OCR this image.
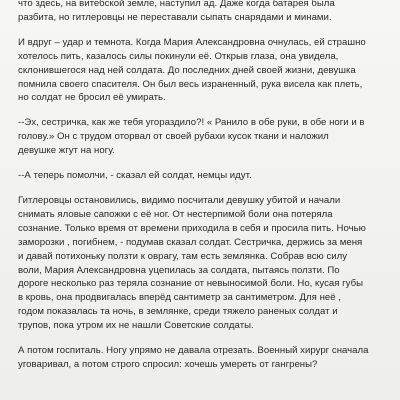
что здесь, на витебской земле, наступил ад. Даже когда батарея была
разбита, но гитлеровцы не переставали сыпать снарядами и минами.

И вдруг – удар и темнота. Когда Мария Александровна очнулась, ей страшно
хотелось пить, казалось силы покинули её. Открыв глаза, она увидела,
склонившегося над ней солдата. До последних дней своей жизни, девушка
помнила своего спасителя. Он был весь израненный, рука висела как плеть,
но солдат не бросил её умирать.

--Эх, сестричка, как же тебя угораздило?! « Ранило в обе руки, в обе ноги и в
голову.» Он с трудом оторвал от своей рубахи кусок ткани и наложил
девушке жгут на ногу.

--А теперь помолчи, - сказал ей солдат, немцы идут.

Гитлеровцы остановились, видимо посчитали девушку убитой и начали
снимать яловые сапожки с её ног. От нестерпимой боли она потеряла
сознание. Только время от времени приходила в себя и просила пить. Ночью
заморозки , погибнем, - подумав сказал солдат. Сестричка, держись за меня
и давай потихоньку ползти к оврагу, там есть землянка. Собрав всю силу
воли, Мария Александровна уцепилась за солдата, пытаясь ползти. По
дороге несколько раз теряла сознание от невыносимой боли. Но, кусая губы
в кровь, она продвигалась вперёд сантиметр за сантиметром. Для неё ,
годом показалась та ночь, в землянке, среди тяжело раненых солдат и
трупов, пока утром их не нашли Советские солдаты.

А потом госпиталь. Ногу упрямо не давала отрезать. Военный хирург сначала
уговаривал, а потом строго спросил: хочешь умереть от гангрены?
